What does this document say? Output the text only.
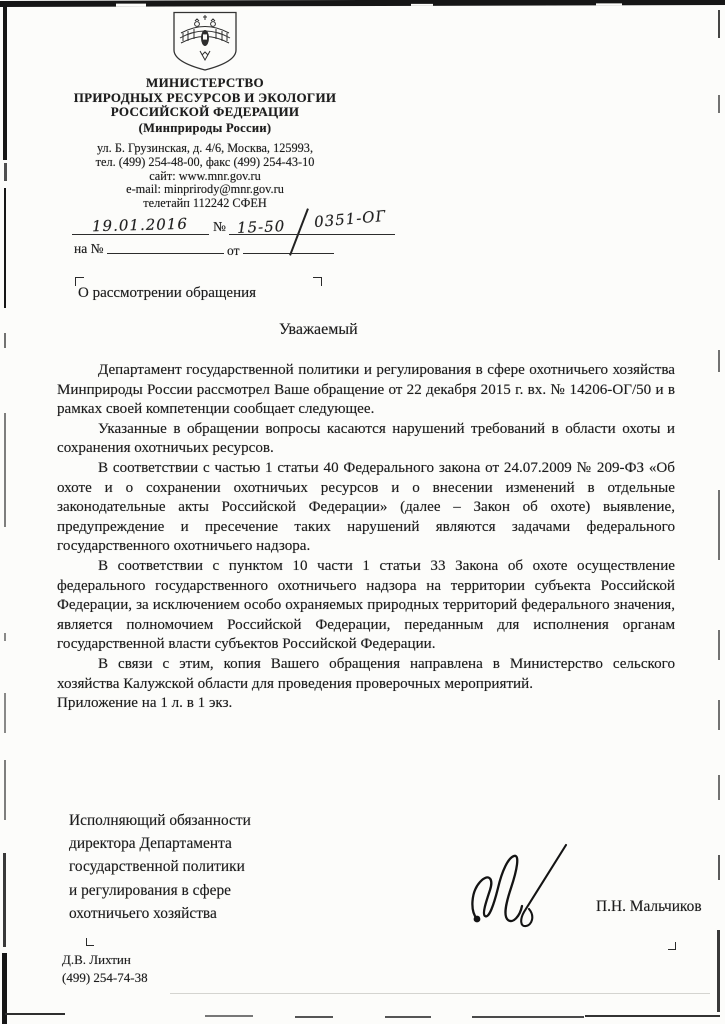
МИНИСТЕРСТВО
ПРИРОДНЫХ РЕСУРСОВ И ЭКОЛОГИИ
РОССИЙСКОЙ ФЕДЕРАЦИИ
(Минприроды России)
ул. Б. Грузинская, д. 4/6, Москва, 125993,
тел. (499) 254-48-00, факс (499) 254-43-10
сайт: www.mnr.gov.ru
e-mail: minprirody@mnr.gov.ru
телетайп 112242 СФЕН
19.01.2016 № 15-50 0351-ОГ
на №	от
О рассмотрении обращения
Уважаемый

Департамент государственной политики и регулирования в сфере охотничьего хозяйства Минприроды России рассмотрел Ваше обращение от 22 декабря 2015 г. вх. № 14206-ОГ/50 и в рамках своей компетенции сообщает следующее.

Указанные в обращении вопросы касаются нарушений требований в области охоты и сохранения охотничьих ресурсов.

В соответствии с частью 1 статьи 40 Федерального закона от 24.07.2009 № 209-ФЗ «Об охоте и о сохранении охотничьих ресурсов и о внесении изменений в отдельные законодательные акты Российской Федерации» (далее – Закон об охоте) выявление, предупреждение и пресечение таких нарушений являются задачами федерального государственного охотничьего надзора.

В соответствии с пунктом 10 части 1 статьи 33 Закона об охоте осуществление федерального государственного охотничьего надзора на территории субъекта Российской Федерации, за исключением особо охраняемых природных территорий федерального значения, является полномочием Российской Федерации, переданным для исполнения органам государственной власти субъектов Российской Федерации.

В связи с этим, копия Вашего обращения направлена в Министерство сельского хозяйства Калужской области для проведения проверочных мероприятий.

Приложение на 1 л. в 1 экз.

Исполняющий обязанности
директора Департамента
государственной политики
и регулирования в сфере
охотничьего хозяйства	П.Н. Мальчиков
Д.В. Лихтин
(499) 254-74-38
